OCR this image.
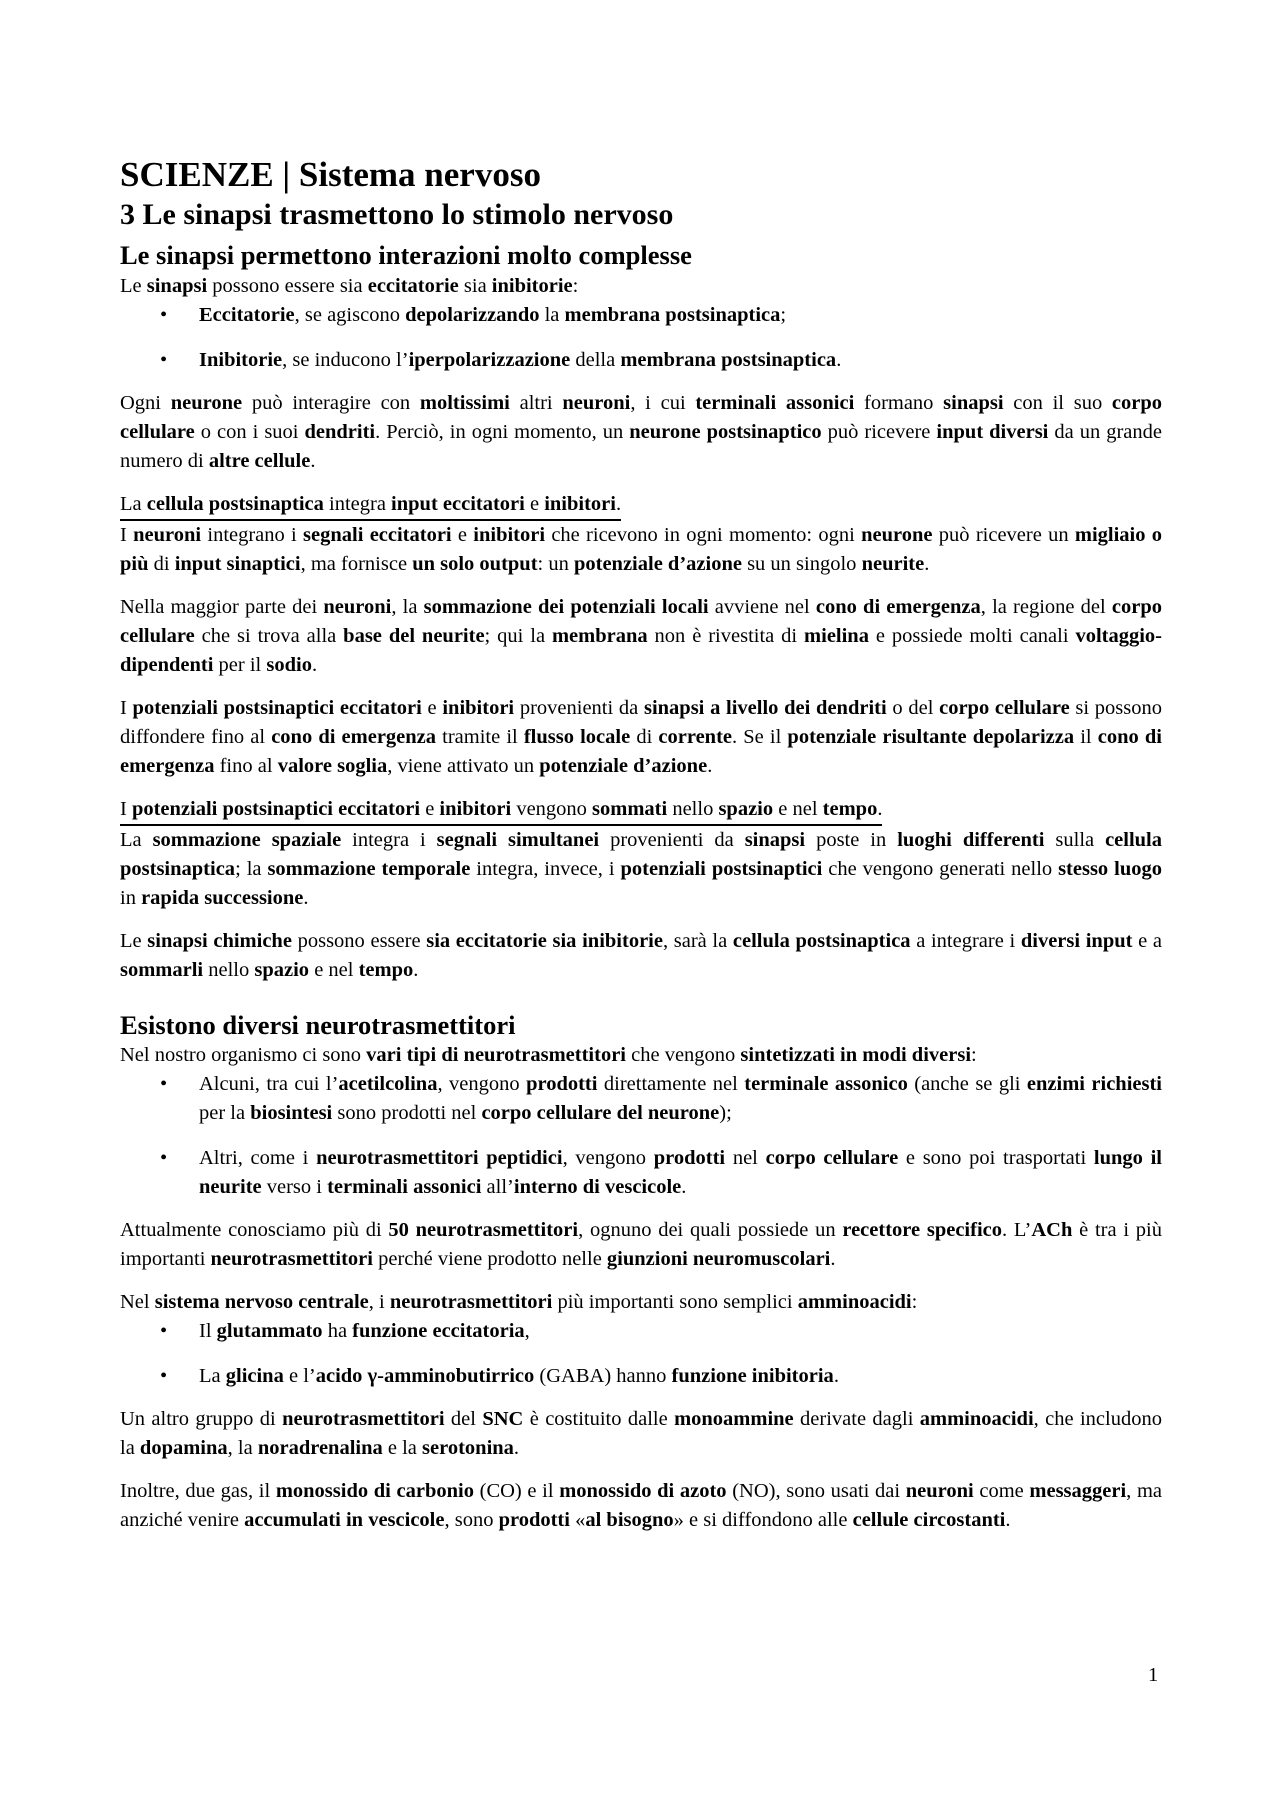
SCIENZE | Sistema nervoso
3 Le sinapsi trasmettono lo stimolo nervoso
Le sinapsi permettono interazioni molto complesse

Le sinapsi possono essere sia eccitatorie sia inibitorie:

• Eccitatorie, se agiscono depolarizzando la membrana postsinaptica;
• Inibitorie, se inducono l’iperpolarizzazione della membrana postsinaptica.

Ogni neurone può interagire con moltissimi altri neuroni, i cui terminali assonici formano sinapsi con il suo corpo cellulare o con i suoi dendriti. Perciò, in ogni momento, un neurone postsinaptico può ricevere input diversi da un grande numero di altre cellule.

La cellula postsinaptica integra input eccitatori e inibitori.

I neuroni integrano i segnali eccitatori e inibitori che ricevono in ogni momento: ogni neurone può ricevere un migliaio o più di input sinaptici, ma fornisce un solo output: un potenziale d’azione su un singolo neurite.

Nella maggior parte dei neuroni, la sommazione dei potenziali locali avviene nel cono di emergenza, la regione del corpo cellulare che si trova alla base del neurite; qui la membrana non è rivestita di mielina e possiede molti canali voltaggio-dipendenti per il sodio.

I potenziali postsinaptici eccitatori e inibitori provenienti da sinapsi a livello dei dendriti o del corpo cellulare si possono diffondere fino al cono di emergenza tramite il flusso locale di corrente. Se il potenziale risultante depolarizza il cono di emergenza fino al valore soglia, viene attivato un potenziale d’azione.

I potenziali postsinaptici eccitatori e inibitori vengono sommati nello spazio e nel tempo.

La sommazione spaziale integra i segnali simultanei provenienti da sinapsi poste in luoghi differenti sulla cellula postsinaptica; la sommazione temporale integra, invece, i potenziali postsinaptici che vengono generati nello stesso luogo in rapida successione.

Le sinapsi chimiche possono essere sia eccitatorie sia inibitorie, sarà la cellula postsinaptica a integrare i diversi input e a sommarli nello spazio e nel tempo.

Esistono diversi neurotrasmettitori

Nel nostro organismo ci sono vari tipi di neurotrasmettitori che vengono sintetizzati in modi diversi:

• Alcuni, tra cui l’acetilcolina, vengono prodotti direttamente nel terminale assonico (anche se gli enzimi richiesti per la biosintesi sono prodotti nel corpo cellulare del neurone);
• Altri, come i neurotrasmettitori peptidici, vengono prodotti nel corpo cellulare e sono poi trasportati lungo il neurite verso i terminali assonici all’interno di vescicole.

Attualmente conosciamo più di 50 neurotrasmettitori, ognuno dei quali possiede un recettore specifico. L’ACh è tra i più importanti neurotrasmettitori perché viene prodotto nelle giunzioni neuromuscolari.

Nel sistema nervoso centrale, i neurotrasmettitori più importanti sono semplici amminoacidi:

• Il glutammato ha funzione eccitatoria,
• La glicina e l’acido γ-amminobutirrico (GABA) hanno funzione inibitoria.

Un altro gruppo di neurotrasmettitori del SNC è costituito dalle monoammine derivate dagli amminoacidi, che includono la dopamina, la noradrenalina e la serotonina.

Inoltre, due gas, il monossido di carbonio (CO) e il monossido di azoto (NO), sono usati dai neuroni come messaggeri, ma anziché venire accumulati in vescicole, sono prodotti «al bisogno» e si diffondono alle cellule circostanti.

1
